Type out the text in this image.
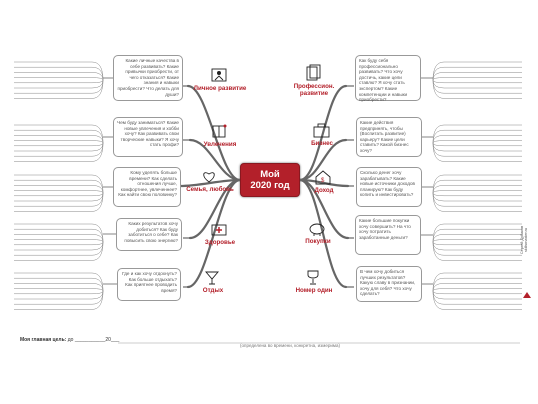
Личное развитие
Увлечения
Семья, любовь
Здоровье
Отдых
Профессион. развитие
Бизнес
$
Доход
Покупки
Номер один
Какие личные качества в себе развивать? Какие привычки приобрести, от чего отказаться? Какие знания и навыки приобрести? Что делать для души?
Чем буду заниматься? Какие новые увлечения и хобби хочу? Как развивать свои творческие навыки? Я хочу стать профи?
Кому уделять больше времени? Как сделать отношения лучше, комфортнее, увлеченнее? Как найти свою половинку?
Каких результатов хочу добиться? Как буду заботиться о себе? Как повысить свою энергию?
Где и как хочу отдохнуть? Как больше отдыхать? Как приятнее проводить время?
Как буду себя профессионально развивать? Что хочу достичь, какие цели ставлю? Я хочу стать экспертом? Какие компетенции и навыки приобрести?
Какие действия предпринять, чтобы (Воспитать развитие) карьеру? Какие цели ставить? Какой бизнес хочу?
Сколько денег хочу зарабатывать? Какие новые источники доходов планирую? Как буду копить и инвестировать?
Какие большие покупки хочу совершить? На что хочу потратить заработанные деньги?
В чем хочу добиться лучших результатов? Какую славу в признании, хочу для себя? Что хочу сделать?
Мой
2020 год
Моя главная цель: до ___________20___
(определена во времени, конкретна, измерима)
Сергей Дубаков skillsmaster.ru
